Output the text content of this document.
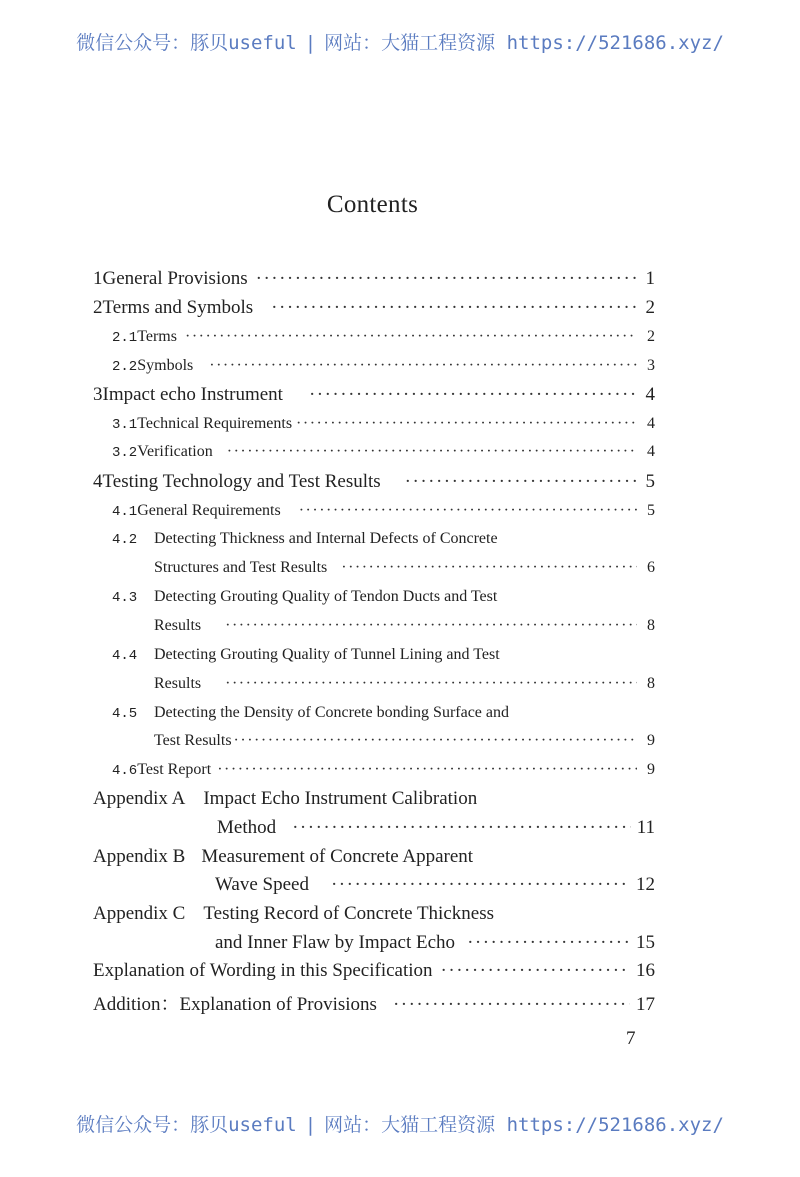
微信公众号：豚贝useful | 网站：大猫工程资源 https://521686.xyz/
Contents
1 General Provisions ·····	1
2 Terms and Symbols ·····	2
2.1 Terms ·····	2
2.2 Symbols ·····	3
3 Impact echo Instrument ·····	4
3.1 Technical Requirements ·····	4
3.2 Verification ·····	4
4 Testing Technology and Test Results ·····	5
4.1 General Requirements ·····	5
4.2	Detecting Thickness and Internal Defects of Concrete
Structures and Test Results ·····	6
4.3	Detecting Grouting Quality of Tendon Ducts and Test
Results ·····	8
4.4	Detecting Grouting Quality of Tunnel Lining and Test
Results ·····	8
4.5	Detecting the Density of Concrete bonding Surface and
Test Results ·····	9
4.6 Test Report ·····	9
Appendix A Impact Echo Instrument Calibration
Method ·····	11
Appendix B Measurement of Concrete Apparent
Wave Speed ·····	12
Appendix C Testing Record of Concrete Thickness
and Inner Flaw by Impact Echo ·····	15
Explanation of Wording in this Specification ·····	16
Addition：Explanation of Provisions ·····	17
7
微信公众号：豚贝useful | 网站：大猫工程资源 https://521686.xyz/
